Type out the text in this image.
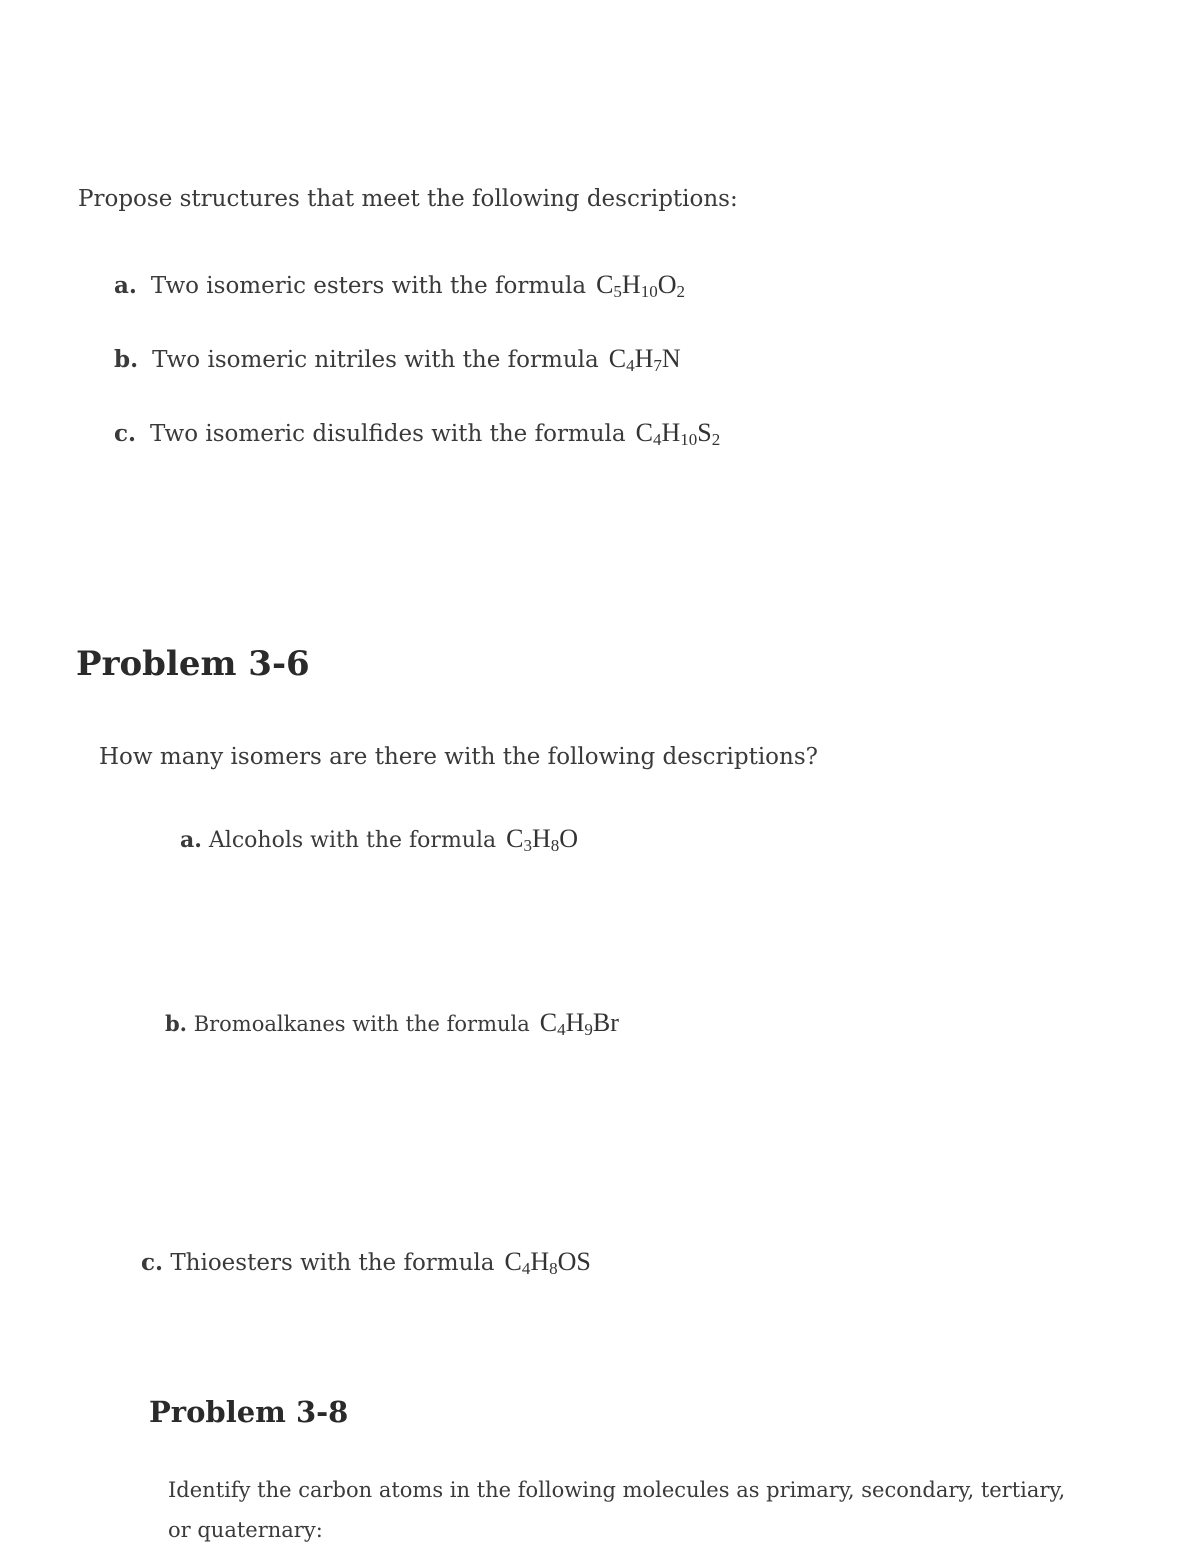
Propose structures that meet the following descriptions:
a. Two isomeric esters with the formula $C_5H_{10}O_2$
b. Two isomeric nitriles with the formula $C_4H_7N$
c. Two isomeric disulfides with the formula $C_4H_{10}S_2$
Problem 3-6
How many isomers are there with the following descriptions?
a. Alcohols with the formula $C_3H_8O$
b. Bromoalkanes with the formula $C_4H_9Br$
c. Thioesters with the formula $C_4H_8OS$
Problem 3-8
Identify the carbon atoms in the following molecules as primary, secondary, tertiary,
or quaternary:
